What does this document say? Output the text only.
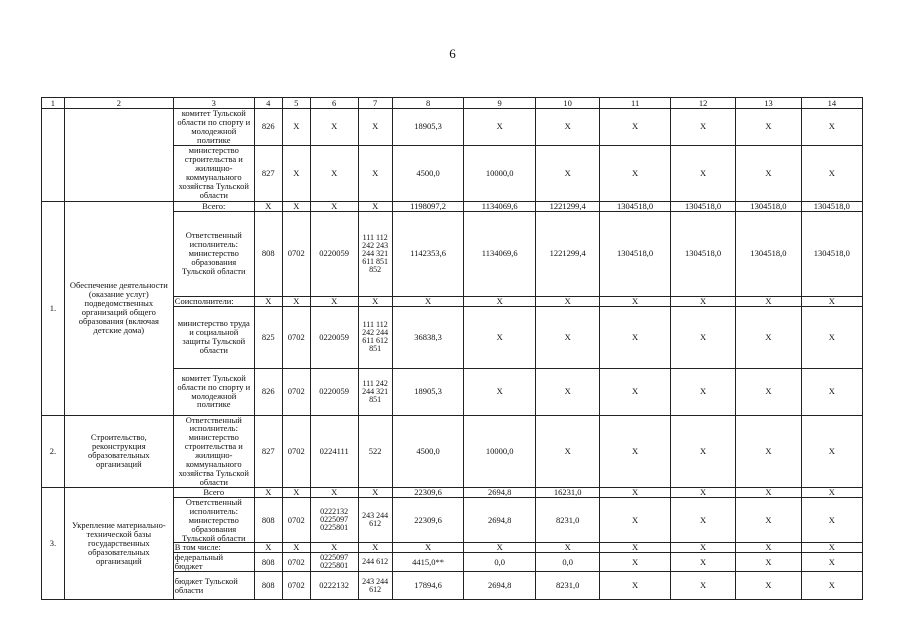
6
1	2	3	4	5	6	7	8	9	10	11	12	13	14
		комитет Тульской области по спорту и молодежной политике	826	Х	Х	Х	18905,3	Х	Х	Х	Х	Х	Х
		министерство строительства и жилищно-коммунального хозяйства Тульской области	827	Х	Х	Х	4500,0	10000,0	Х	Х	Х	Х	Х
1.	Обеспечение деятельности (оказание услуг) подведомственных организаций общего образования (включая детские дома)	Всего:	Х	Х	Х	Х	1198097,2	1134069,6	1221299,4	1304518,0	1304518,0	1304518,0	1304518,0
		Ответственный исполнитель: министерство образования Тульской области	808	0702	0220059	111 112 242 243 244 321 611 851 852	1142353,6	1134069,6	1221299,4	1304518,0	1304518,0	1304518,0	1304518,0
		Соисполнители:	Х	Х	Х	Х	Х	Х	Х	Х	Х	Х	Х
		министерство труда и социальной защиты Тульской области	825	0702	0220059	111 112 242 244 611 612 851	36838,3	Х	Х	Х	Х	Х	Х
		комитет Тульской области по спорту и молодежной политике	826	0702	0220059	111 242 244 321 851	18905,3	Х	Х	Х	Х	Х	Х
2.	Строительство, реконструкция образовательных организаций	Ответственный исполнитель: министерство строительства и жилищно-коммунального хозяйства Тульской области	827	0702	0224111	522	4500,0	10000,0	Х	Х	Х	Х	Х
3.	Укрепление материально-технической базы государственных образовательных организаций	Всего	Х	Х	Х	Х	22309,6	2694,8	16231,0	Х	Х	Х	Х
		Ответственный исполнитель: министерство образования Тульской области	808	0702	0222132 0225097 0225801	243 244 612	22309,6	2694,8	8231,0	Х	Х	Х	Х
		В том числе:	Х	Х	Х	Х	Х	Х	Х	Х	Х	Х	Х
		федеральный бюджет	808	0702	0225097 0225801	244 612	4415,0**	0,0	0,0	Х	Х	Х	Х
		бюджет Тульской области	808	0702	0222132	243 244 612	17894,6	2694,8	8231,0	Х	Х	Х	Х
